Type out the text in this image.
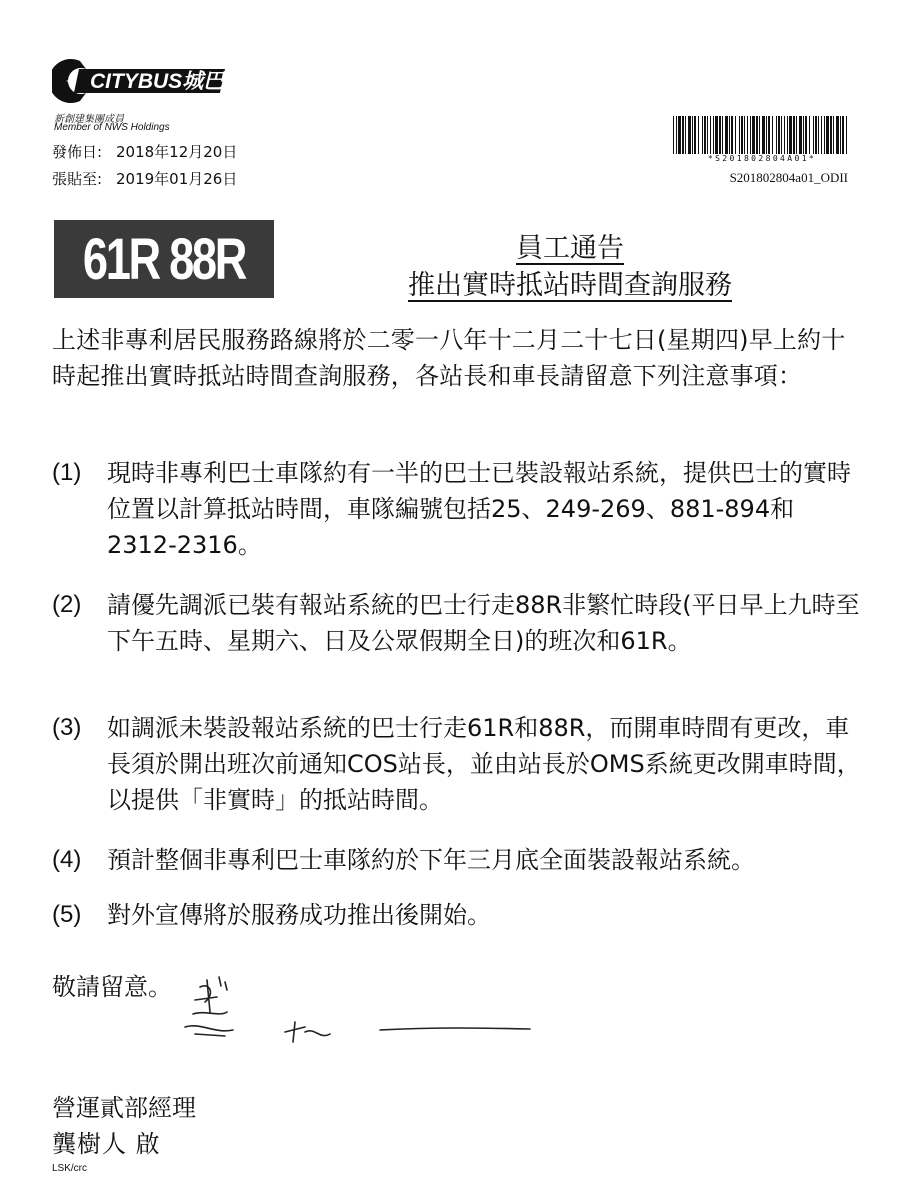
CITYBUS城巴
新創建集團成員
Member of NWS Holdings
發佈日: 2018年12月20日
張貼至: 2019年01月26日
*S201802804A01*
S201802804a01_ODII
61R 88R	員工通告
推出實時抵站時間查詢服務
上述非專利居民服務路線將於二零一八年十二月二十七日(星期四)早上約十時起推出實時抵站時間查詢服務，各站長和車長請留意下列注意事項：
(1)	現時非專利巴士車隊約有一半的巴士已裝設報站系統，提供巴士的實時位置以計算抵站時間，車隊編號包括25、249-269、881-894和2312-2316。
(2)	請優先調派已裝有報站系統的巴士行走88R非繁忙時段(平日早上九時至下午五時、星期六、日及公眾假期全日)的班次和61R。
(3)	如調派未裝設報站系統的巴士行走61R和88R，而開車時間有更改，車長須於開出班次前通知COS站長，並由站長於OMS系統更改開車時間，以提供「非實時」的抵站時間。
(4)	預計整個非專利巴士車隊約於下年三月底全面裝設報站系統。
(5)	對外宣傳將於服務成功推出後開始。
敬請留意。
營運貳部經理
龔樹人 啟
LSK/crc
